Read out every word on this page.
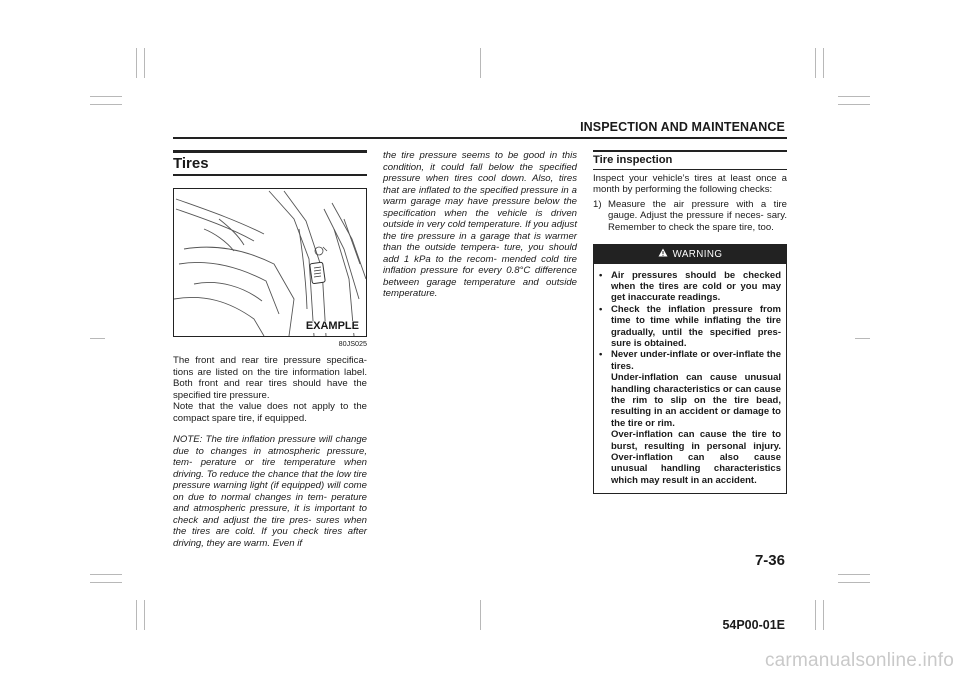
INSPECTION AND MAINTENANCE
Tires
EXAMPLE
80JS025

The front and rear tire pressure specifica- tions are listed on the tire information label. Both front and rear tires should have the specified tire pressure.

Note that the value does not apply to the compact spare tire, if equipped.

NOTE: The tire inflation pressure will change due to changes in atmospheric pressure, tem- perature or tire temperature when driving. To reduce the chance that the low tire pressure warning light (if equipped) will come on due to normal changes in tem- perature and atmospheric pressure, it is important to check and adjust the tire pres- sures when the tires are cold. If you check tires after driving, they are warm. Even if

the tire pressure seems to be good in this condition, it could fall below the specified pressure when tires cool down. Also, tires that are inflated to the specified pressure in a warm garage may have pressure below the specification when the vehicle is driven outside in very cold temperature. If you adjust the tire pressure in a garage that is warmer than the outside tempera- ture, you should add 1 kPa to the recom- mended cold tire inflation pressure for every 0.8°C difference between garage temperature and outside temperature.

Tire inspection

Inspect your vehicle’s tires at least once a month by performing the following checks:

1) Measure the air pressure with a tire gauge. Adjust the pressure if neces- sary. Remember to check the spare tire, too.
WARNING
• Air pressures should be checked when the tires are cold or you may get inaccurate readings.
• Check the inflation pressure from time to time while inflating the tire gradually, until the specified pres- sure is obtained.
• Never under-inflate or over-inflate the tires.
Under-inflation can cause unusual handling characteristics or can cause the rim to slip on the tire bead, resulting in an accident or damage to the tire or rim.
Over-inflation can cause the tire to burst, resulting in personal injury. Over-inflation can also cause unusual handling characteristics which may result in an accident.
7-36
54P00-01E
carmanualsonline.info
